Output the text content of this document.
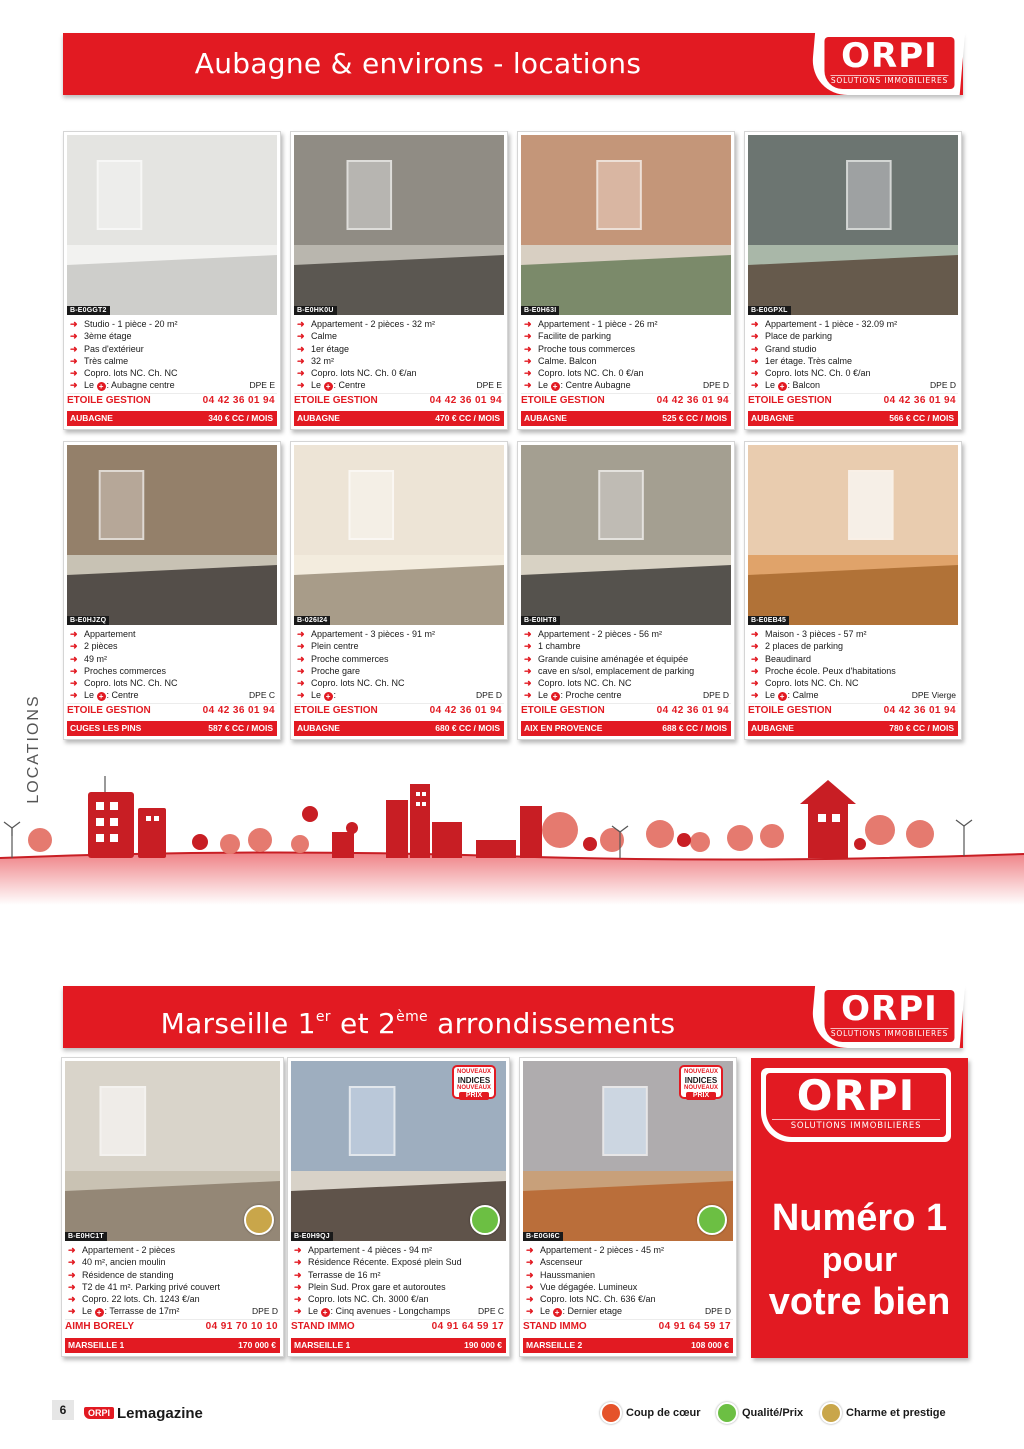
Aubagne & environs - locations	ORPI
SOLUTIONS IMMOBILIERES
LOCATIONS
B-E0GGT2
➜ Studio - 1 pièce - 20 m²
➜ 3ème étage
➜ Pas d'extérieur
➜ Très calme
➜ Copro. lots NC. Ch. NC
➜ Le + : Aubagne centre	DPE E
ETOILE GESTION	04 42 36 01 94
AUBAGNE	340 € CC / MOIS
B-E0HK0U
➜ Appartement - 2 pièces - 32 m²
➜ Calme
➜ 1er étage
➜ 32 m²
➜ Copro. lots NC. Ch. 0 €/an
➜ Le + : Centre	DPE E
ETOILE GESTION	04 42 36 01 94
AUBAGNE	470 € CC / MOIS
B-E0H63I
➜ Appartement - 1 pièce - 26 m²
➜ Facilite de parking
➜ Proche tous commerces
➜ Calme. Balcon
➜ Copro. lots NC. Ch. 0 €/an
➜ Le + : Centre Aubagne	DPE D
ETOILE GESTION	04 42 36 01 94
AUBAGNE	525 € CC / MOIS
B-E0GPXL
➜ Appartement - 1 pièce - 32.09 m²
➜ Place de parking
➜ Grand studio
➜ 1er étage. Très calme
➜ Copro. lots NC. Ch. 0 €/an
➜ Le + : Balcon	DPE D
ETOILE GESTION	04 42 36 01 94
AUBAGNE	566 € CC / MOIS
B-E0HJZQ
➜ Appartement
➜ 2 pièces
➜ 49 m²
➜ Proches commerces
➜ Copro. lots NC. Ch. NC
➜ Le + : Centre	DPE C
ETOILE GESTION	04 42 36 01 94
CUGES LES PINS	587 € CC / MOIS
B-026I24
➜ Appartement - 3 pièces - 91 m²
➜ Plein centre
➜ Proche commerces
➜ Proche gare
➜ Copro. lots NC. Ch. NC
➜ Le + :	DPE D
ETOILE GESTION	04 42 36 01 94
AUBAGNE	680 € CC / MOIS
B-E0IHT8
➜ Appartement - 2 pièces - 56 m²
➜ 1 chambre
➜ Grande cuisine aménagée et équipée
➜ cave en s/sol, emplacement de parking
➜ Copro. lots NC. Ch. NC
➜ Le + : Proche centre	DPE D
ETOILE GESTION	04 42 36 01 94
AIX EN PROVENCE	688 € CC / MOIS
B-E0EB45
➜ Maison - 3 pièces - 57 m²
➜ 2 places de parking
➜ Beaudinard
➜ Proche école. Peux d'habitations
➜ Copro. lots NC. Ch. NC
➜ Le + : Calme	DPE Vierge
ETOILE GESTION	04 42 36 01 94
AUBAGNE	780 € CC / MOIS
Marseille 1er et 2ème arrondissements	ORPI
SOLUTIONS IMMOBILIERES
B-E0HC1T
➜ Appartement - 2 pièces
➜ 40 m², ancien moulin
➜ Résidence de standing
➜ T2 de 41 m². Parking privé couvert
➜ Copro. 22 lots. Ch. 1243 €/an
➜ Le + : Terrasse de 17m²	DPE D
AIMH BORELY	04 91 70 10 10
MARSEILLE 1	170 000 €
NOUVEAUX
INDICES
NOUVEAUX
PRIX
B-E0H9QJ
➜ Appartement - 4 pièces - 94 m²
➜ Résidence Récente. Exposé plein Sud
➜ Terrasse de 16 m²
➜ Plein Sud. Prox gare et autoroutes
➜ Copro. lots NC. Ch. 3000 €/an
➜ Le + : Cinq avenues - Longchamps	DPE C
STAND IMMO	04 91 64 59 17
MARSEILLE 1	190 000 €
NOUVEAUX
INDICES
NOUVEAUX
PRIX
B-E0GI6C
➜ Appartement - 2 pièces - 45 m²
➜ Ascenseur
➜ Haussmanien
➜ Vue dégagée. Lumineux
➜ Copro. lots NC. Ch. 636 €/an
➜ Le + : Dernier etage	DPE D
STAND IMMO	04 91 64 59 17
MARSEILLE 2	108 000 €
ORPI
SOLUTIONS IMMOBILIERES
Numéro 1
pour
votre bien
6	ORPI Lemagazine	Coup de cœur	Qualité/Prix	Charme et prestige
